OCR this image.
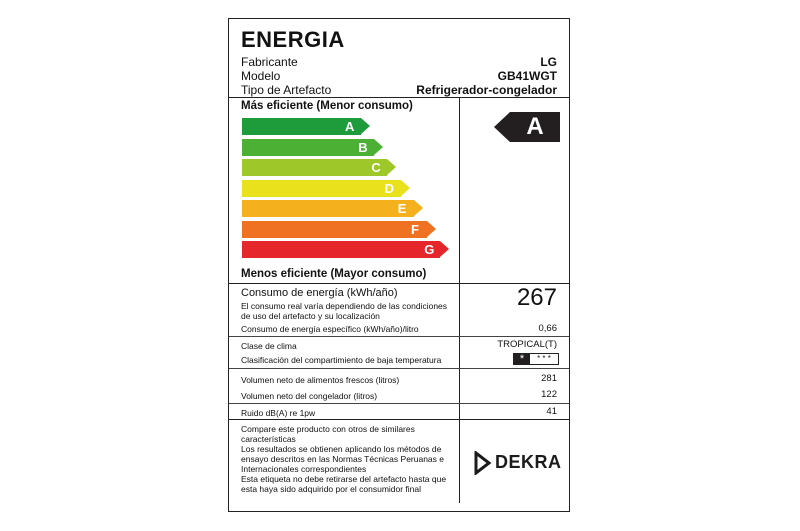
ENERGIA
Fabricante	LG
Modelo	GB41WGT
Tipo de Artefacto	Refrigerador-congelador
Más eficiente (Menor consumo)
A
B
C
D
E
F
G
Menos eficiente (Mayor consumo)
A
Consumo de energía (kWh/año)
El consumo real varía dependiendo de las condiciones de uso del artefacto y su localización
267
Consumo de energía específico (kWh/año)/litro	0,66
Clase de clima	TROPICAL(T)
Clasificación del compartimiento de baja temperatura	*	* * *
Volumen neto de alimentos frescos (litros)	281
Volumen neto del congelador (litros)	122
Ruido dB(A) re 1pw	41
Compare este producto con otros de similares características
Los resultados se obtienen aplicando los métodos de ensayo descritos en las Normas Técnicas Peruanas e Internacionales correspondientes
Esta etiqueta no debe retirarse del artefacto hasta que esta haya sido adquirido por el consumidor final
DEKRA
